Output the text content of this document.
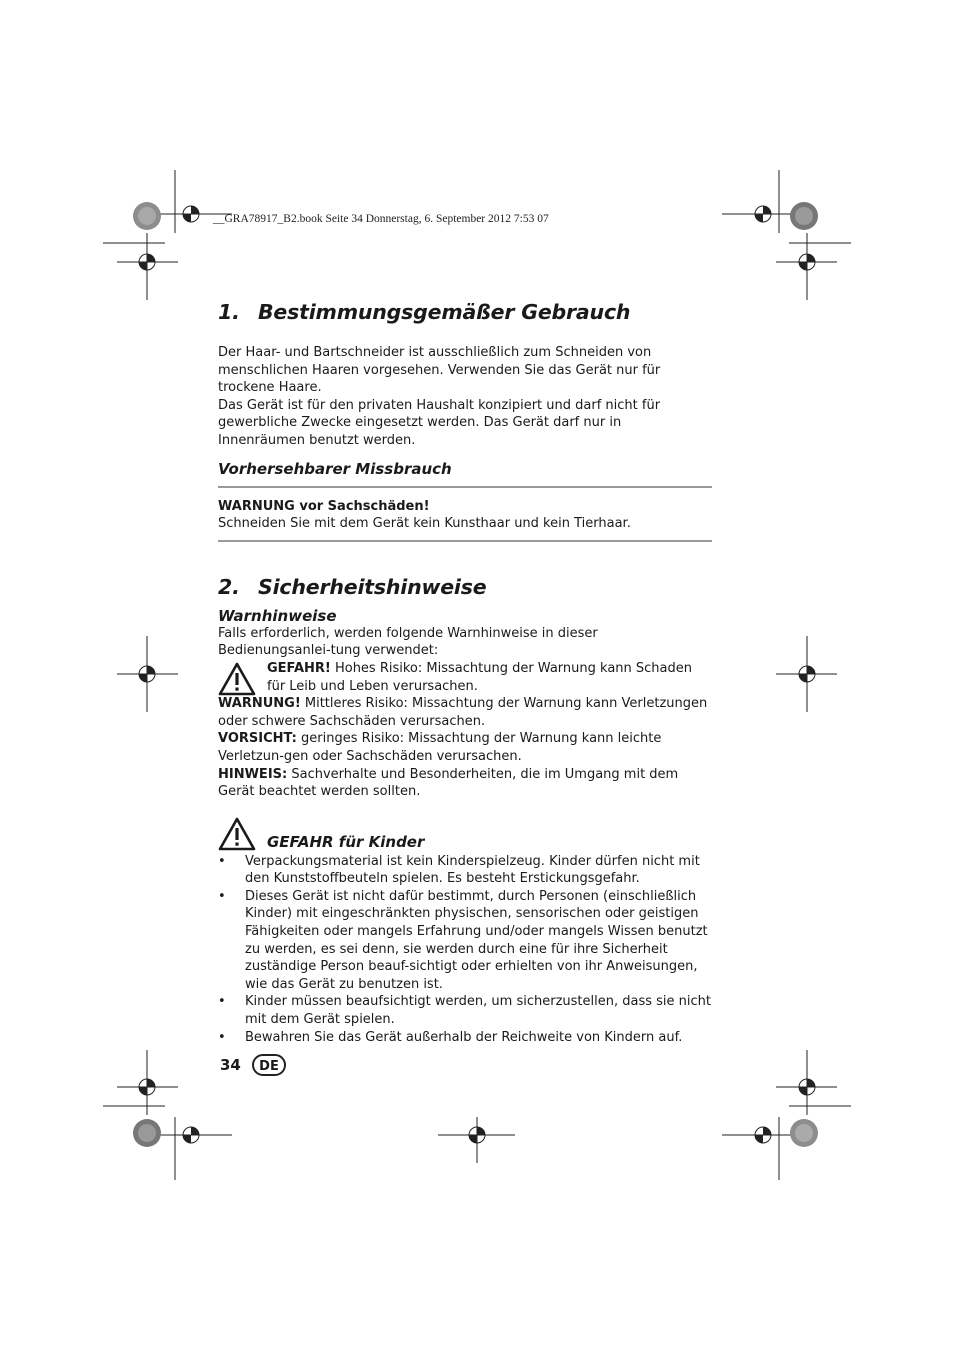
__GRA78917_B2.book Seite 34 Donnerstag, 6. September 2012 7:53 07
1. Bestimmungsgemäßer Gebrauch

Der Haar- und Bartschneider ist ausschließlich zum Schneiden von menschlichen Haaren vorgesehen. Verwenden Sie das Gerät nur für trockene Haare.

Das Gerät ist für den privaten Haushalt konzipiert und darf nicht für gewerbliche Zwecke eingesetzt werden. Das Gerät darf nur in Innenräumen benutzt werden.

Vorhersehbarer Missbrauch

WARNUNG vor Sachschäden!

Schneiden Sie mit dem Gerät kein Kunsthaar und kein Tierhaar.

2. Sicherheitshinweise
Warnhinweise

Falls erforderlich, werden folgende Warnhinweise in dieser Bedienungsanlei-tung verwendet:

GEFAHR! Hohes Risiko: Missachtung der Warnung kann Schaden für Leib und Leben verursachen.

WARNUNG! Mittleres Risiko: Missachtung der Warnung kann Verletzungen oder schwere Sachschäden verursachen.

VORSICHT: geringes Risiko: Missachtung der Warnung kann leichte Verletzun-gen oder Sachschäden verursachen.

HINWEIS: Sachverhalte und Besonderheiten, die im Umgang mit dem Gerät beachtet werden sollten.

GEFAHR für Kinder
• Verpackungsmaterial ist kein Kinderspielzeug. Kinder dürfen nicht mit den Kunststoffbeuteln spielen. Es besteht Erstickungsgefahr.
• Dieses Gerät ist nicht dafür bestimmt, durch Personen (einschließlich Kinder) mit eingeschränkten physischen, sensorischen oder geistigen Fähigkeiten oder mangels Erfahrung und/oder mangels Wissen benutzt zu werden, es sei denn, sie werden durch eine für ihre Sicherheit zuständige Person beauf-sichtigt oder erhielten von ihr Anweisungen, wie das Gerät zu benutzen ist.
• Kinder müssen beaufsichtigt werden, um sicherzustellen, dass sie nicht mit dem Gerät spielen.
• Bewahren Sie das Gerät außerhalb der Reichweite von Kindern auf.
34	DE
